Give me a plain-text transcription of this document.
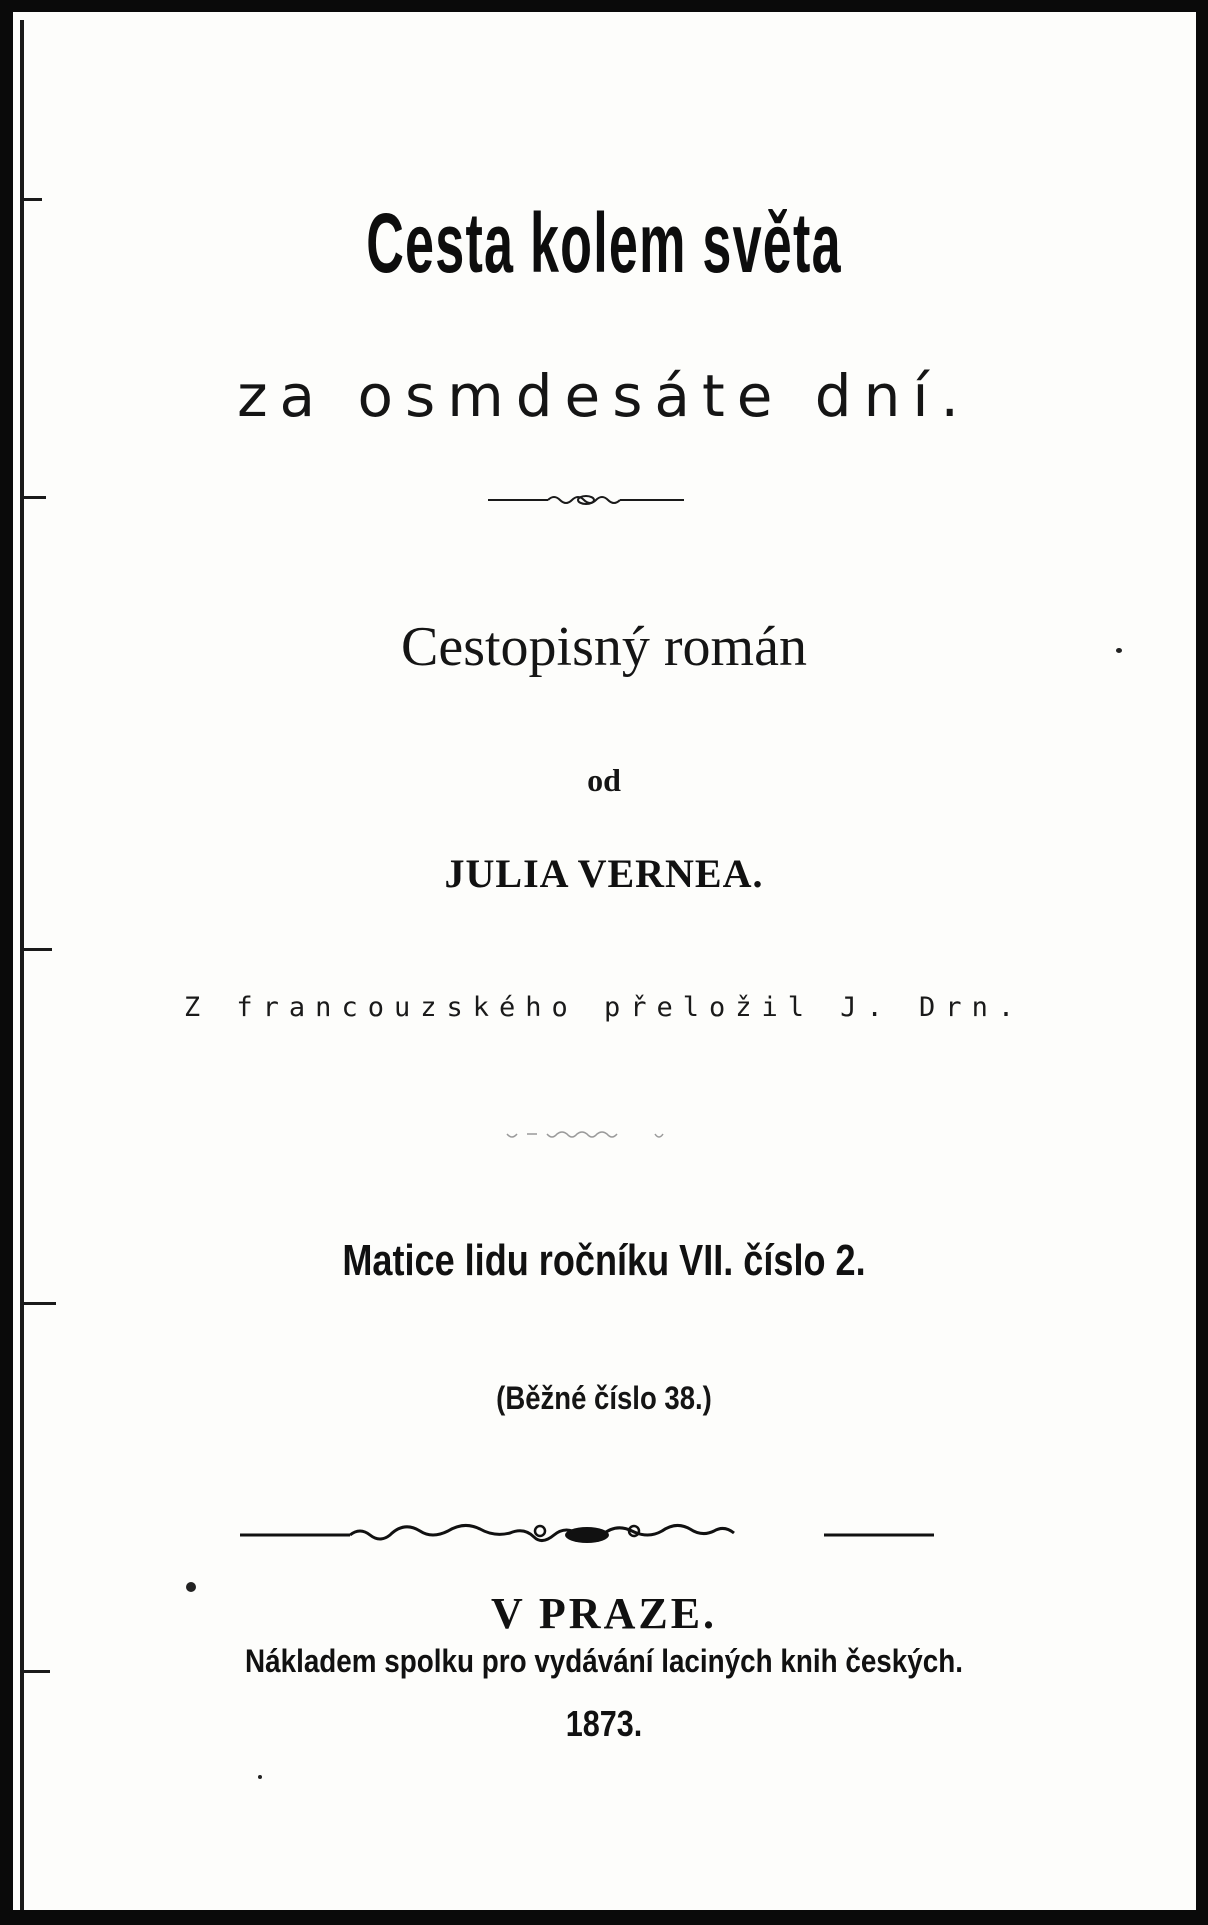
Cesta kolem světa
za osmdesáte dní.
Cestopisný román
od
JULIA VERNEA.
Z francouzského přeložil J. Drn.
Matice lidu ročníku VII. číslo 2.
(Běžné číslo 38.)
V PRAZE.
Nákladem spolku pro vydávání laciných knih českých.
1873.
